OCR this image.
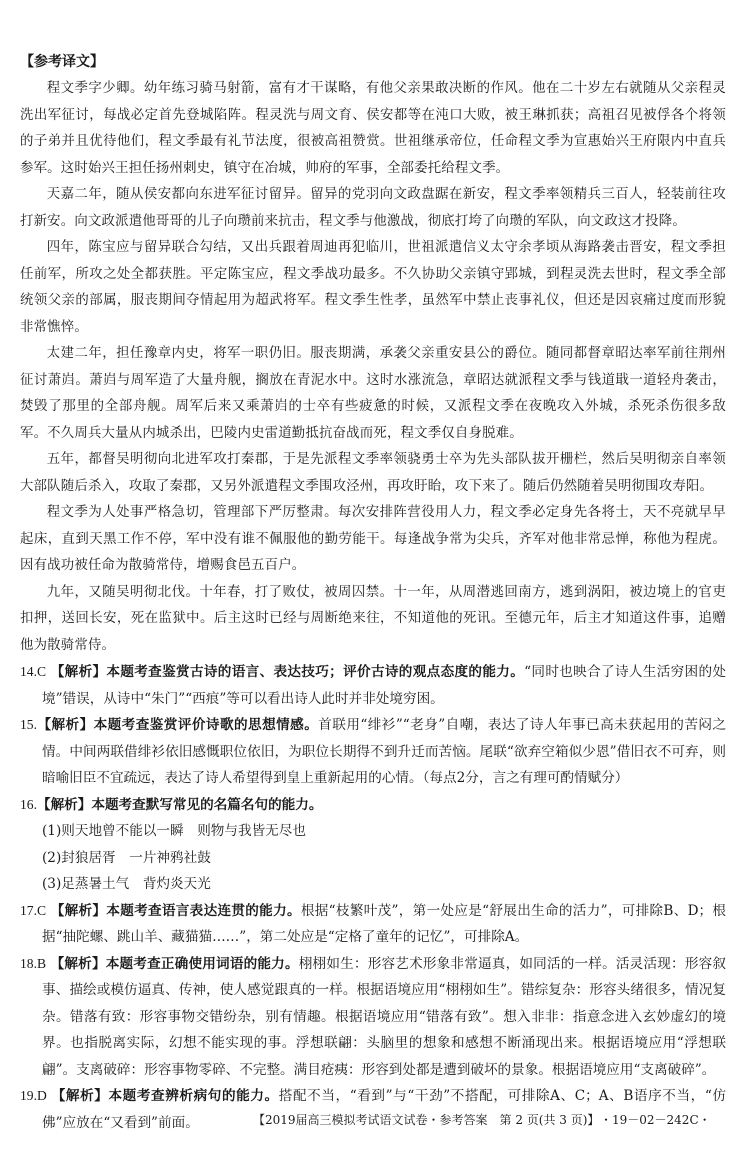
【参考译文】

程文季字少卿。幼年练习骑马射箭，富有才干谋略，有他父亲果敢决断的作风。他在二十岁左右就随从父亲程灵洗出军征讨，每战必定首先登城陷阵。程灵洗与周文育、侯安都等在沌口大败，被王琳抓获；高祖召见被俘各个将领的子弟并且优待他们，程文季最有礼节法度，很被高祖赞赏。世祖继承帝位，任命程文季为宣惠始兴王府限内中直兵参军。这时始兴王担任扬州刺史，镇守在冶城，帅府的军事，全部委托给程文季。

天嘉二年，随从侯安都向东进军征讨留异。留异的党羽向文政盘踞在新安，程文季率领精兵三百人，轻装前往攻打新安。向文政派遣他哥哥的儿子向瓒前来抗击，程文季与他激战，彻底打垮了向瓒的军队，向文政这才投降。

四年，陈宝应与留异联合勾结，又出兵跟着周迪再犯临川，世祖派遣信义太守余孝顷从海路袭击晋安，程文季担任前军，所攻之处全都获胜。平定陈宝应，程文季战功最多。不久协助父亲镇守郢城，到程灵洗去世时，程文季全部统领父亲的部属，服丧期间夺情起用为超武将军。程文季生性孝，虽然军中禁止丧事礼仪，但还是因哀痛过度而形貌非常憔悴。

太建二年，担任豫章内史，将军一职仍旧。服丧期满，承袭父亲重安县公的爵位。随同都督章昭达率军前往荆州征讨萧岿。萧岿与周军造了大量舟舰，搁放在青泥水中。这时水涨流急，章昭达就派程文季与钱道戢一道轻舟袭击，焚毁了那里的全部舟舰。周军后来又乘萧岿的士卒有些疲惫的时候，又派程文季在夜晚攻入外城，杀死杀伤很多敌军。不久周兵大量从内城杀出，巴陵内史雷道勤抵抗奋战而死，程文季仅自身脱难。

五年，都督吴明彻向北进军攻打秦郡，于是先派程文季率领骁勇士卒为先头部队拔开栅栏，然后吴明彻亲自率领大部队随后杀入，攻取了秦郡，又另外派遣程文季围攻泾州，再攻盱眙，攻下来了。随后仍然随着吴明彻围攻寿阳。

程文季为人处事严格急切，管理部下严厉整肃。每次安排阵营役用人力，程文季必定身先各将士，天不亮就早早起床，直到天黑工作不停，军中没有谁不佩服他的勤劳能干。每逢战争常为尖兵，齐军对他非常忌惮，称他为程虎。因有战功被任命为散骑常侍，增赐食邑五百户。

九年，又随吴明彻北伐。十年春，打了败仗，被周囚禁。十一年，从周潜逃回南方，逃到涡阳，被边境上的官吏扣押，送回长安，死在监狱中。后主这时已经与周断绝来往，不知道他的死讯。至德元年，后主才知道这件事，追赠他为散骑常侍。

14.C 【解析】本题考查鉴赏古诗的语言、表达技巧；评价古诗的观点态度的能力。“同时也映合了诗人生活穷困的处境”错误，从诗中“朱门”“西痕”等可以看出诗人此时并非处境穷困。

15.【解析】本题考查鉴赏评价诗歌的思想情感。首联用“绯衫”“老身”自嘲，表达了诗人年事已高未获起用的苦闷之情。中间两联借绯衫依旧感慨职位依旧，为职位长期得不到升迁而苦恼。尾联“欲弃空箱似少恩”借旧衣不可弃，则暗喻旧臣不宜疏远，表达了诗人希望得到皇上重新起用的心情。（每点2分，言之有理可酌情赋分）

16.【解析】本题考查默写常见的名篇名句的能力。

(1)则天地曾不能以一瞬　则物与我皆无尽也

(2)封狼居胥　一片神鸦社鼓

(3)足蒸暑土气　背灼炎天光

17.C 【解析】本题考查语言表达连贯的能力。根据“枝繁叶茂”，第一处应是“舒展出生命的活力”，可排除B、D；根据“抽陀螺、跳山羊、藏猫猫……”，第二处应是“定格了童年的记忆”，可排除A。

18.B 【解析】本题考查正确使用词语的能力。栩栩如生：形容艺术形象非常逼真，如同活的一样。活灵活现：形容叙事、描绘或模仿逼真、传神，使人感觉跟真的一样。根据语境应用“栩栩如生”。错综复杂：形容头绪很多，情况复杂。错落有致：形容事物交错纷杂，别有情趣。根据语境应用“错落有致”。想入非非：指意念进入玄妙虚幻的境界。也指脱离实际，幻想不能实现的事。浮想联翩：头脑里的想象和感想不断涌现出来。根据语境应用“浮想联翩”。支离破碎：形容事物零碎、不完整。满目疮痍：形容到处都是遭到破坏的景象。根据语境应用“支离破碎”。

19.D 【解析】本题考查辨析病句的能力。搭配不当，“看到”与“干劲”不搭配，可排除A、C；A、B语序不当，“仿佛”应放在“又看到”前面。	【2019届高三模拟考试语文试卷・参考答案　第 2 页(共 3 页)】 ・19－02－242C・
